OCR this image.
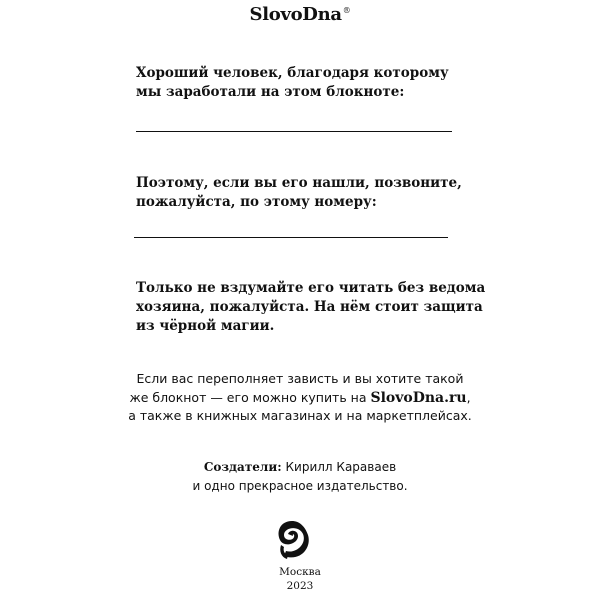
SlovoDna®
Хороший человек, благодаря которому
мы заработали на этом блокноте:
Поэтому, если вы его нашли, позвоните,
пожалуйста, по этому номеру:
Только не вздумайте его читать без ведома
хозяина, пожалуйста. На нём стоит защита
из чёрной магии.
Если вас переполняет зависть и вы хотите такой
же блокнот — его можно купить на SlovoDna.ru,
а также в книжных магазинах и на маркетплейсах.
Создатели: Кирилл Караваев
и одно прекрасное издательство.
Москва
2023
